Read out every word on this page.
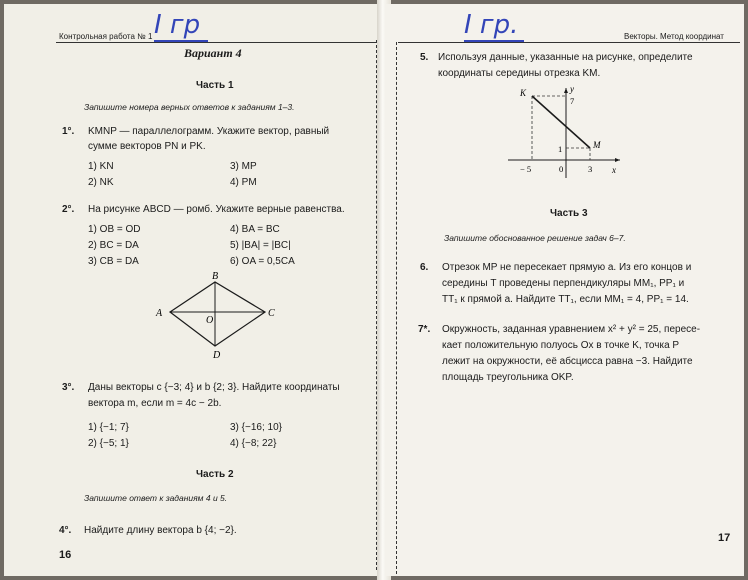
Контрольная работа № 1 I гр
Вариант 4
Часть 1
Запишите номера верных ответов к заданиям 1–3.
1°. KMNP — параллелограмм. Укажите вектор, равный
сумме векторов PN и PK.
1) KN
2) NK
3) MP
4) PM
2°. На рисунке ABCD — ромб. Укажите верные равенства.
1) OB = OD
2) BC = DA
3) CB = DA
4) BA = BC
5) |BA| = |BC|
6) OA = 0,5CA
A
B
C
D
O
3°. Даны векторы c {−3; 4} и b {2; 3}. Найдите координаты
вектора m, если m = 4c − 2b.
1) {−1; 7}
2) {−5; 1}
3) {−16; 10}
4) {−8; 22}
Часть 2
Запишите ответ к заданиям 4 и 5.
4°. Найдите длину вектора b {4; −2}.
16
I гр.	Векторы. Метод координат
5. Используя данные, указанные на рисунке, определите
координаты середины отрезка KM.
y
x
K
M
7
1
− 5	0	3
Часть 3
Запишите обоснованное решение задач 6–7.
6. Отрезок MP не пересекает прямую a. Из его концов и
середины T проведены перпендикуляры MM₁, PP₁ и
TT₁ к прямой a. Найдите TT₁, если MM₁ = 4, PP₁ = 14.
7*. Окружность, заданная уравнением x² + y² = 25, пересе-
кает положительную полуось Ox в точке K, точка P
лежит на окружности, её абсцисса равна −3. Найдите
площадь треугольника OKP.
17
